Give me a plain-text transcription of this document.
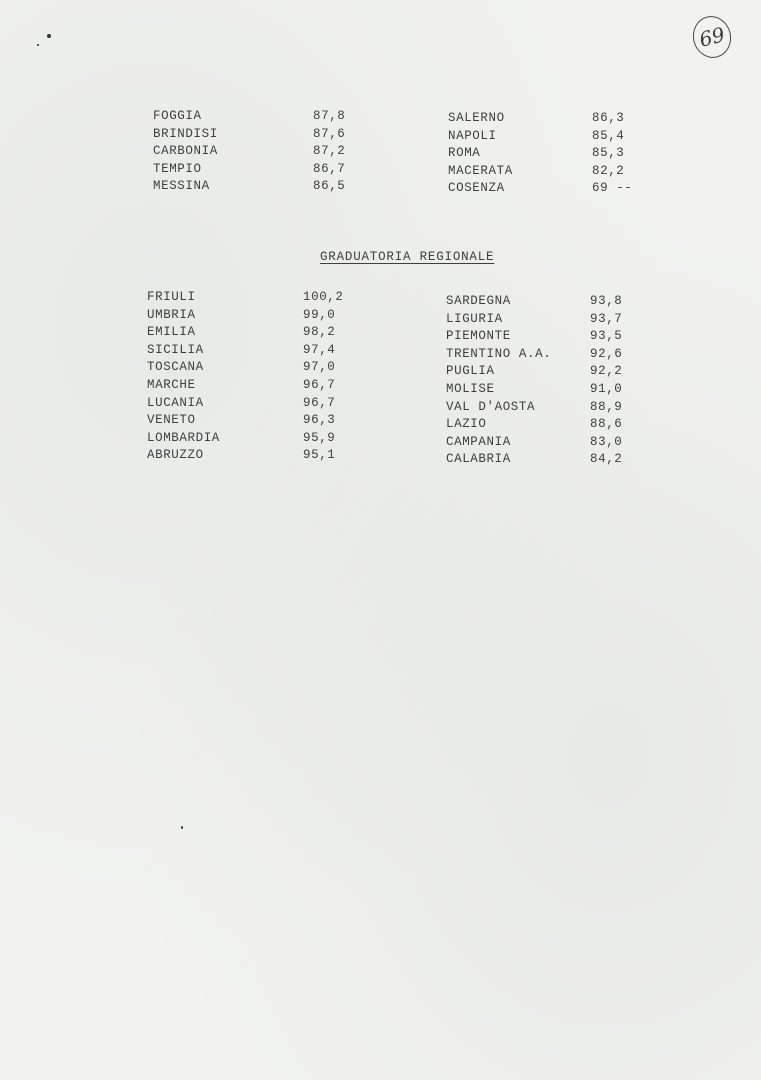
69
FOGGIA	87,8
BRINDISI	87,6
CARBONIA	87,2
TEMPIO	86,7
MESSINA	86,5
SALERNO	86,3
NAPOLI	85,4
ROMA	85,3
MACERATA	82,2
COSENZA	69 --
GRADUATORIA REGIONALE
FRIULI	100,2
UMBRIA	99,0
EMILIA	98,2
SICILIA	97,4
TOSCANA	97,0
MARCHE	96,7
LUCANIA	96,7
VENETO	96,3
LOMBARDIA	95,9
ABRUZZO	95,1
SARDEGNA	93,8
LIGURIA	93,7
PIEMONTE	93,5
TRENTINO A.A.	92,6
PUGLIA	92,2
MOLISE	91,0
VAL D'AOSTA	88,9
LAZIO	88,6
CAMPANIA	83,0
CALABRIA	84,2
